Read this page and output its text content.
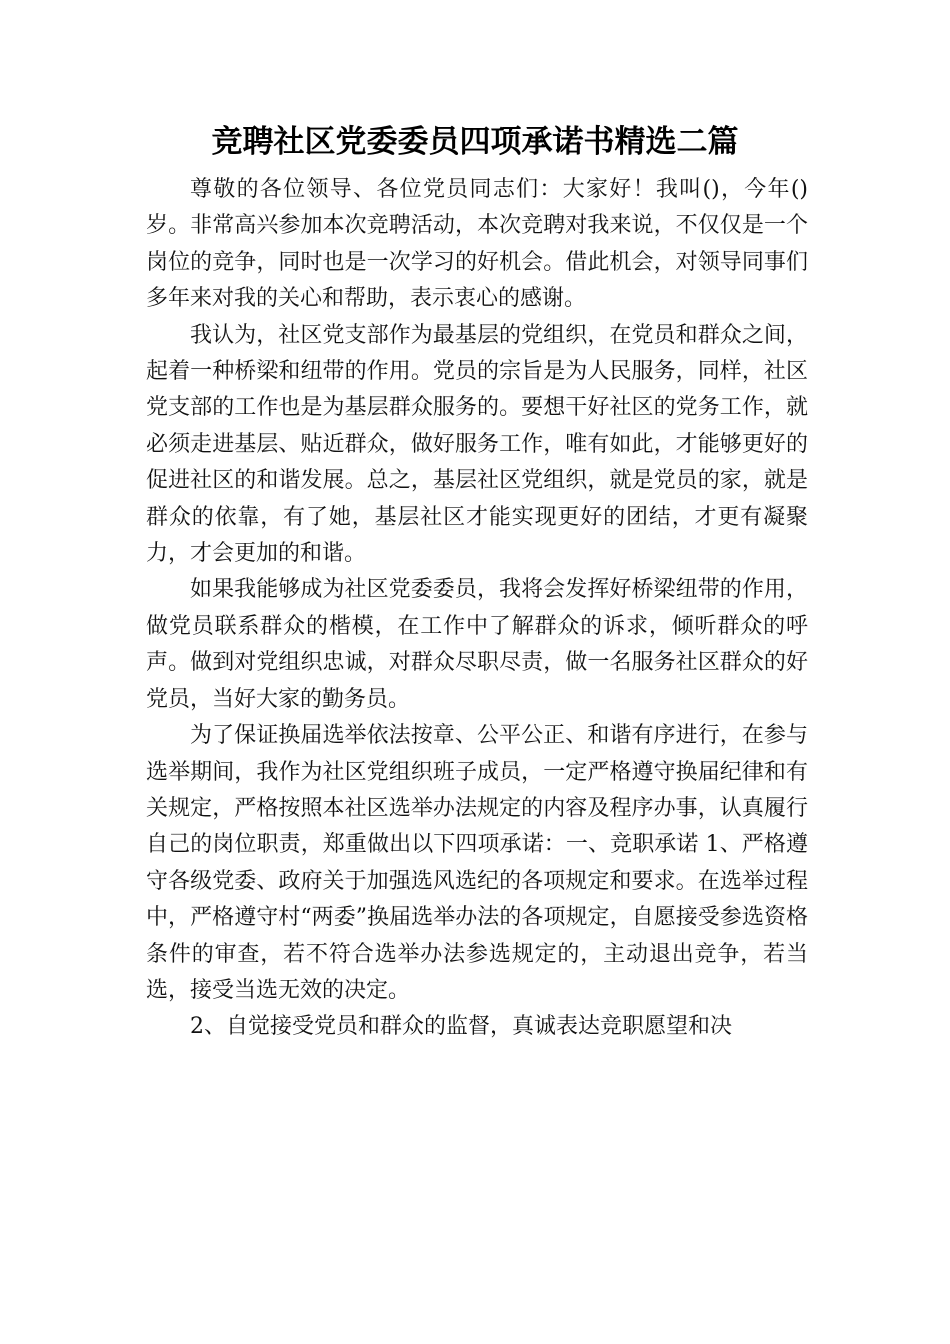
竞聘社区党委委员四项承诺书精选二篇

尊敬的各位领导、各位党员同志们：大家好！我叫()，今年()岁。非常高兴参加本次竞聘活动，本次竞聘对我来说，不仅仅是一个岗位的竞争，同时也是一次学习的好机会。借此机会，对领导同事们多年来对我的关心和帮助，表示衷心的感谢。

我认为，社区党支部作为最基层的党组织，在党员和群众之间，起着一种桥梁和纽带的作用。党员的宗旨是为人民服务，同样，社区党支部的工作也是为基层群众服务的。要想干好社区的党务工作，就必须走进基层、贴近群众，做好服务工作，唯有如此，才能够更好的促进社区的和谐发展。总之，基层社区党组织，就是党员的家，就是群众的依靠，有了她，基层社区才能实现更好的团结，才更有凝聚力，才会更加的和谐。

如果我能够成为社区党委委员，我将会发挥好桥梁纽带的作用，做党员联系群众的楷模，在工作中了解群众的诉求，倾听群众的呼声。做到对党组织忠诚，对群众尽职尽责，做一名服务社区群众的好党员，当好大家的勤务员。

为了保证换届选举依法按章、公平公正、和谐有序进行，在参与选举期间，我作为社区党组织班子成员，一定严格遵守换届纪律和有关规定，严格按照本社区选举办法规定的内容及程序办事，认真履行自己的岗位职责，郑重做出以下四项承诺：一、竞职承诺 1、严格遵守各级党委、政府关于加强选风选纪的各项规定和要求。在选举过程中，严格遵守村“两委”换届选举办法的各项规定，自愿接受参选资格条件的审查，若不符合选举办法参选规定的，主动退出竞争，若当选，接受当选无效的决定。

2、自觉接受党员和群众的监督，真诚表达竞职愿望和决
